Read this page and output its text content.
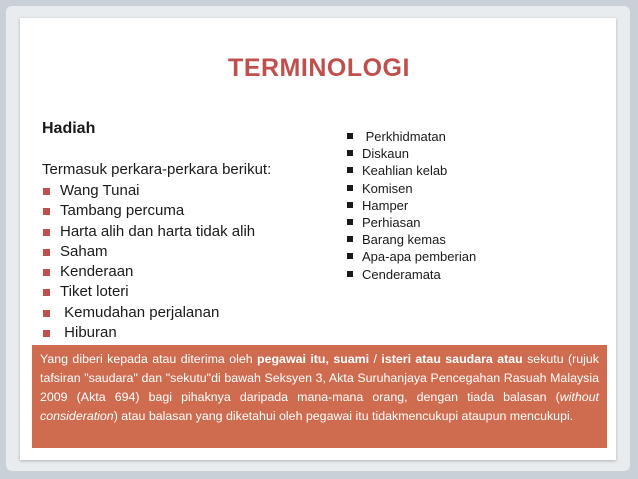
TERMINOLOGI

Hadiah

Termasuk perkara-perkara berikut:

Wang Tunai
Tambang percuma
Harta alih dan harta tidak alih
Saham
Kenderaan
Tiket loteri
Kemudahan perjalanan
Hiburan
Perkhidmatan
Diskaun
Keahlian kelab
Komisen
Hamper
Perhiasan
Barang kemas
Apa-apa pemberian
Cenderamata
Yang diberi kepada atau diterima oleh pegawai itu, suami / isteri atau saudara atau sekutu (rujuk tafsiran "saudara" dan "sekutu"di bawah Seksyen 3, Akta Suruhanjaya Pencegahan Rasuah Malaysia 2009 (Akta 694) bagi pihaknya daripada mana-mana orang, dengan tiada balasan (without consideration) atau balasan yang diketahui oleh pegawai itu tidakmencukupi ataupun mencukupi.
